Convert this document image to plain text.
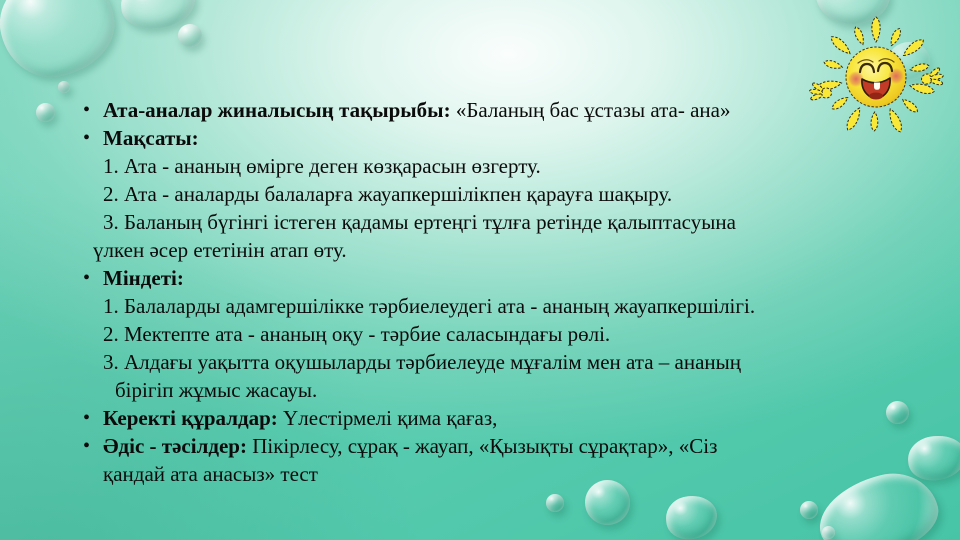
• Ата-аналар жиналысың тақырыбы: «Баланың бас ұстазы ата- ана»
• Мақсаты:
1. Ата - ананың өмірге деген көзқарасын өзгерту.
2. Ата - аналарды балаларға жауапкершілікпен қарауға шақыру.
3. Баланың бүгінгі істеген қадамы ертеңгі тұлға ретінде қалыптасуына
үлкен әсер ететінін атап өту.
• Міндеті:
1. Балаларды адамгершілікке тәрбиелеудегі ата - ананың жауапкершілігі.
2. Мектепте ата - ананың оқу - тәрбие саласындағы рөлі.
3. Алдағы уақытта оқушыларды тәрбиелеуде мұғалім мен ата – ананың
бірігіп жұмыс жасауы.
• Керекті құралдар: Үлестірмелі қима қағаз,
• Әдіс - тәсілдер: Пікірлесу, сұрақ - жауап, «Қызықты сұрақтар», «Сіз
қандай ата анасыз» тест
